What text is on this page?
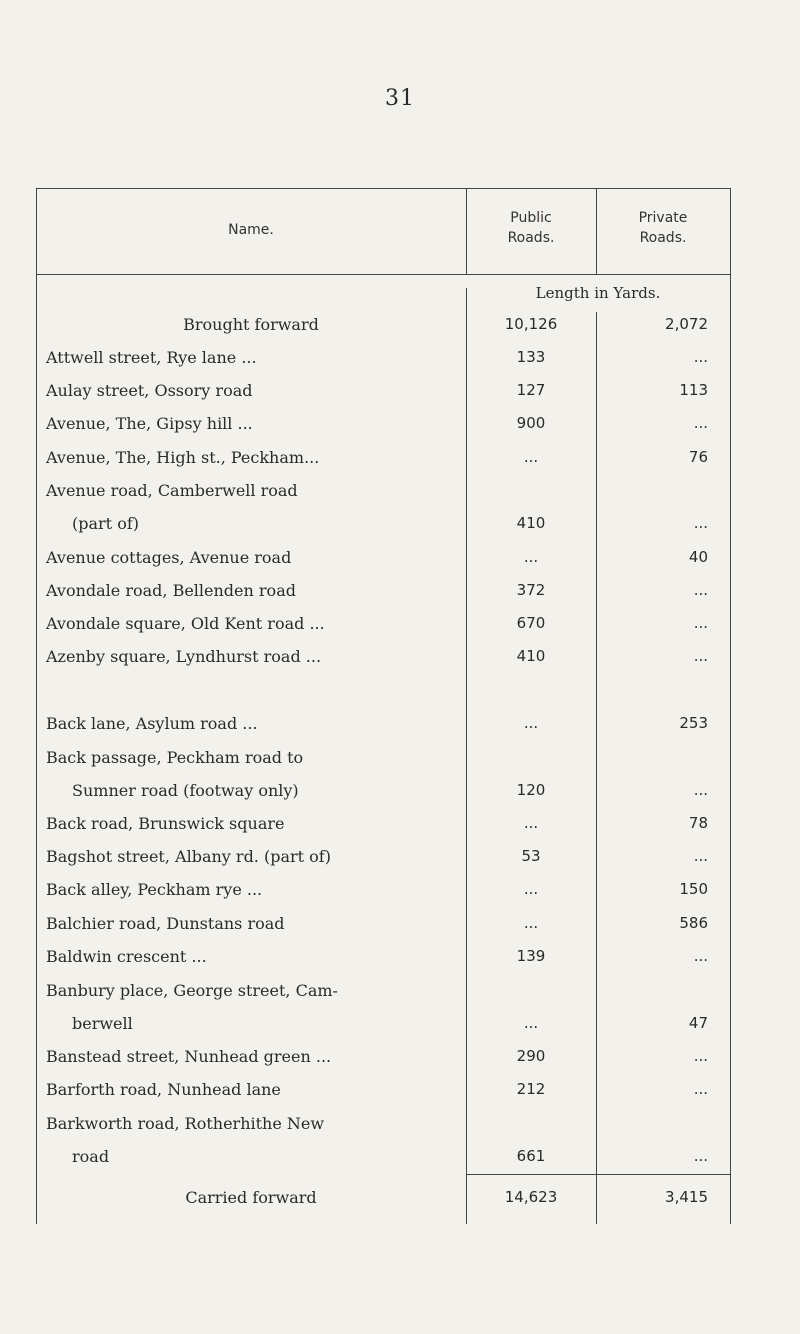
31
Name.
Public
Roads.
Private
Roads.
Length in Yards.
Brought forward	10,126	2,072
Attwell street, Rye lane ...	133	...
Aulay street, Ossory road	127	113
Avenue, The, Gipsy hill ...	900	...
Avenue, The, High st., Peckham...	...	76
Avenue road, Camberwell road
(part of)	410	...
Avenue cottages, Avenue road	...	40
Avondale road, Bellenden road	372	...
Avondale square, Old Kent road ...	670	...
Azenby square, Lyndhurst road ...	410	...
Back lane, Asylum road ...	...	253
Back passage, Peckham road to
Sumner road (footway only)	120	...
Back road, Brunswick square	...	78
Bagshot street, Albany rd. (part of)	53	...
Back alley, Peckham rye ...	...	150
Balchier road, Dunstans road	...	586
Baldwin crescent ...	139	...
Banbury place, George street, Cam-
berwell	...	47
Banstead street, Nunhead green ...	290	...
Barforth road, Nunhead lane	212	...
Barkworth road, Rotherhithe New
road	661	...
Carried forward	14,623	3,415
